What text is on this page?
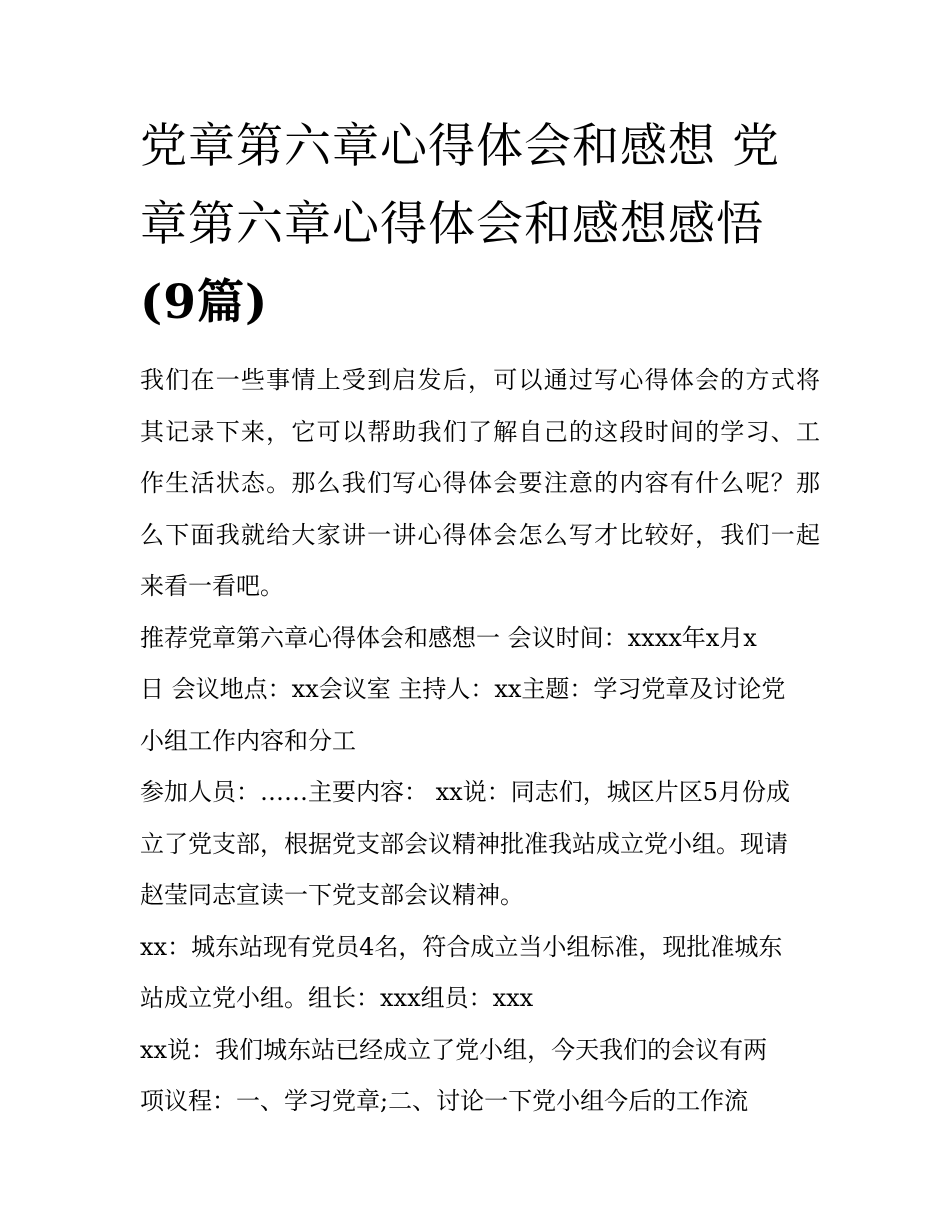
党章第六章心得体会和感想 党
章第六章心得体会和感想感悟
(9篇)
我们在一些事情上受到启发后，可以通过写心得体会的方式将
其记录下来，它可以帮助我们了解自己的这段时间的学习、工
作生活状态。那么我们写心得体会要注意的内容有什么呢？那
么下面我就给大家讲一讲心得体会怎么写才比较好，我们一起
来看一看吧。
推荐党章第六章心得体会和感想一 会议时间：xxxx年x月x
日 会议地点：xx会议室 主持人：xx主题：学习党章及讨论党
小组工作内容和分工
参加人员：……主要内容： xx说：同志们，城区片区5月份成
立了党支部，根据党支部会议精神批准我站成立党小组。现请
赵莹同志宣读一下党支部会议精神。
xx：城东站现有党员4名，符合成立当小组标准，现批准城东
站成立党小组。组长：xxx组员：xxx
xx说：我们城东站已经成立了党小组，今天我们的会议有两
项议程：一、学习党章;二、讨论一下党小组今后的工作流
